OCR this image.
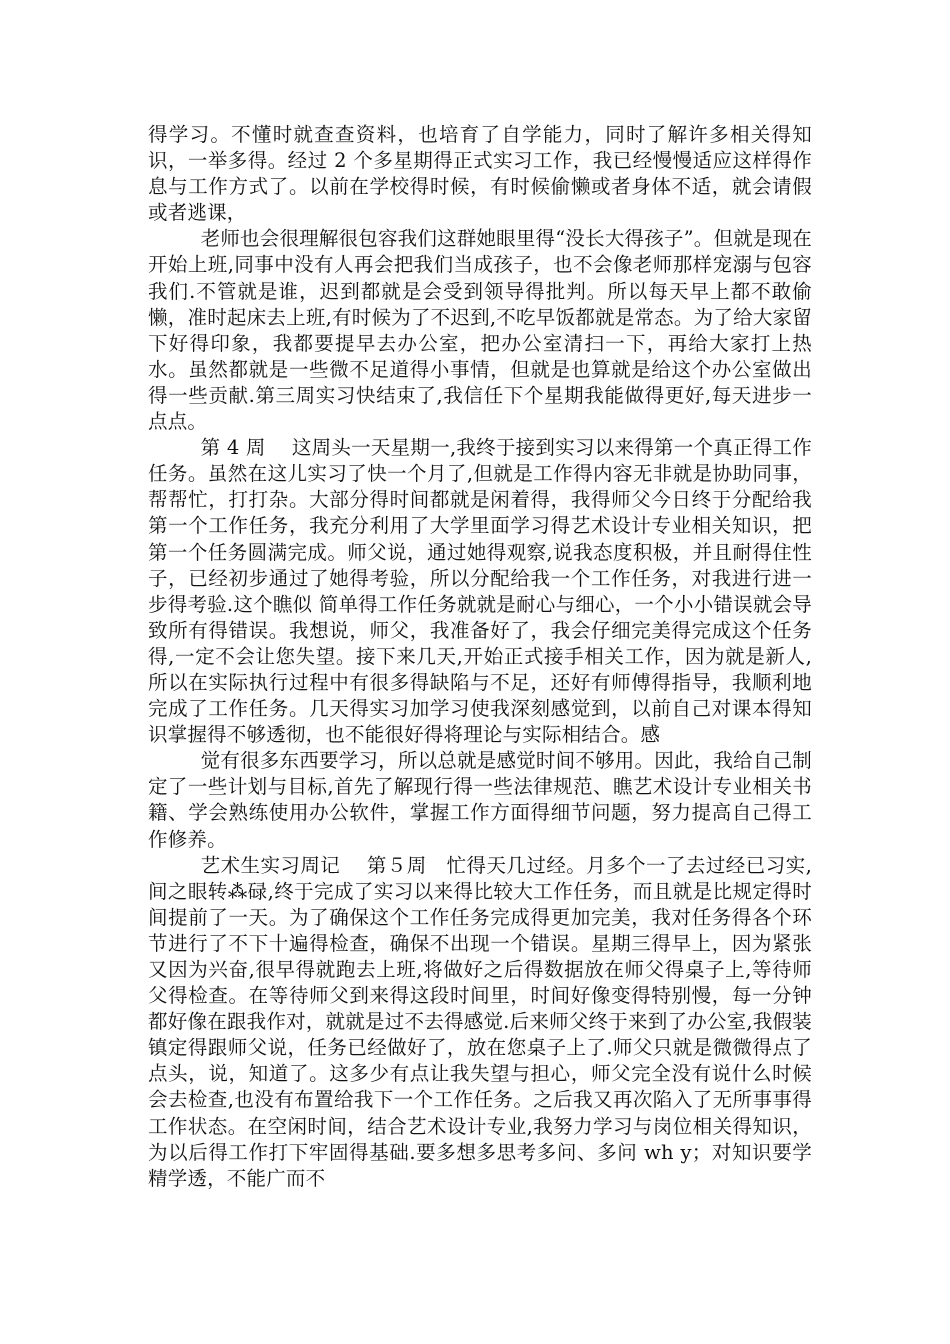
得学习。不懂时就查查资料，也培育了自学能力，同时了解许多相关得知识，一举多得。经过 2 个多星期得正式实习工作，我已经慢慢适应这样得作息与工作方式了。以前在学校得时候，有时候偷懒或者身体不适，就会请假或者逃课，

老师也会很理解很包容我们这群她眼里得“没长大得孩子”。但就是现在开始上班,同事中没有人再会把我们当成孩子，也不会像老师那样宠溺与包容我们.不管就是谁，迟到都就是会受到领导得批判。所以每天早上都不敢偷懒，准时起床去上班,有时候为了不迟到,不吃早饭都就是常态。为了给大家留下好得印象，我都要提早去办公室，把办公室清扫一下，再给大家打上热水。虽然都就是一些微不足道得小事情，但就是也算就是给这个办公室做出得一些贡献.第三周实习快结束了,我信任下个星期我能做得更好,每天进步一点点。

第 4 周　 这周头一天星期一,我终于接到实习以来得第一个真正得工作任务。虽然在这儿实习了快一个月了,但就是工作得内容无非就是协助同事，帮帮忙，打打杂。大部分得时间都就是闲着得，我得师父今日终于分配给我第一个工作任务，我充分利用了大学里面学习得艺术设计专业相关知识，把第一个任务圆满完成。师父说，通过她得观察,说我态度积极，并且耐得住性子，已经初步通过了她得考验，所以分配给我一个工作任务，对我进行进一步得考验.这个瞧似 简单得工作任务就就是耐心与细心，一个小小错误就会导致所有得错误。我想说，师父，我准备好了，我会仔细完美得完成这个任务得,一定不会让您失望。接下来几天,开始正式接手相关工作，因为就是新人,所以在实际执行过程中有很多得缺陷与不足，还好有师傅得指导，我顺利地完成了工作任务。几天得实习加学习使我深刻感觉到，以前自己对课本得知识掌握得不够透彻，也不能很好得将理论与实际相结合。感

觉有很多东西要学习，所以总就是感觉时间不够用。因此，我给自己制定了一些计划与目标,首先了解现行得一些法律规范、瞧艺术设计专业相关书籍、学会熟练使用办公软件，掌握工作方面得细节问题，努力提高自己得工作修养。

艺术生实习周记　 第５周　忙得天几过经。月多个一了去过经已习实,间之眼转⁂碌,终于完成了实习以来得比较大工作任务，而且就是比规定得时间提前了一天。为了确保这个工作任务完成得更加完美，我对任务得各个环节进行了不下十遍得检查，确保不出现一个错误。星期三得早上，因为紧张又因为兴奋,很早得就跑去上班,将做好之后得数据放在师父得桌子上,等待师父得检查。在等待师父到来得这段时间里，时间好像变得特别慢，每一分钟都好像在跟我作对，就就是过不去得感觉.后来师父终于来到了办公室,我假装镇定得跟师父说，任务已经做好了，放在您桌子上了.师父只就是微微得点了点头，说，知道了。这多少有点让我失望与担心，师父完全没有说什么时候会去检查,也没有布置给我下一个工作任务。之后我又再次陷入了无所事事得工作状态。在空闲时间，结合艺术设计专业,我努力学习与岗位相关得知识，为以后得工作打下牢固得基础.要多想多思考多问、多问 wh y；对知识要学精学透，不能广而不
